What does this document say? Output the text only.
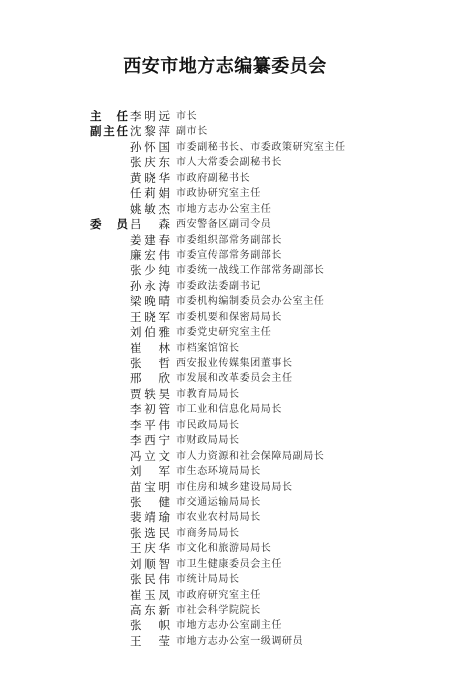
西安市地方志编纂委员会
主 任 李明远 市长
副主任 沈黎萍 副市长
孙怀国 市委副秘书长、市委政策研究室主任
张庆东 市人大常委会副秘书长
黄晓华 市政府副秘书长
任莉娟 市政协研究室主任
姚敏杰 市地方志办公室主任
委 员 吕 森 西安警备区副司令员
姜建春 市委组织部常务副部长
廉宏伟 市委宣传部常务副部长
张少纯 市委统一战线工作部常务副部长
孙永涛 市委政法委副书记
梁晚晴 市委机构编制委员会办公室主任
王晓军 市委机要和保密局局长
刘伯雅 市委党史研究室主任
崔 林 市档案馆馆长
张 哲 西安报业传媒集团董事长
邢 欣 市发展和改革委员会主任
贾轶昊 市教育局局长
李初管 市工业和信息化局局长
李平伟 市民政局局长
李西宁 市财政局局长
冯立文 市人力资源和社会保障局副局长
刘 军 市生态环境局局长
苗宝明 市住房和城乡建设局局长
张 健 市交通运输局局长
裴靖瑜 市农业农村局局长
张选民 市商务局局长
王庆华 市文化和旅游局局长
刘顺智 市卫生健康委员会主任
张民伟 市统计局局长
崔玉凤 市政府研究室主任
高东新 市社会科学院院长
张 帜 市地方志办公室副主任
王 莹 市地方志办公室一级调研员
